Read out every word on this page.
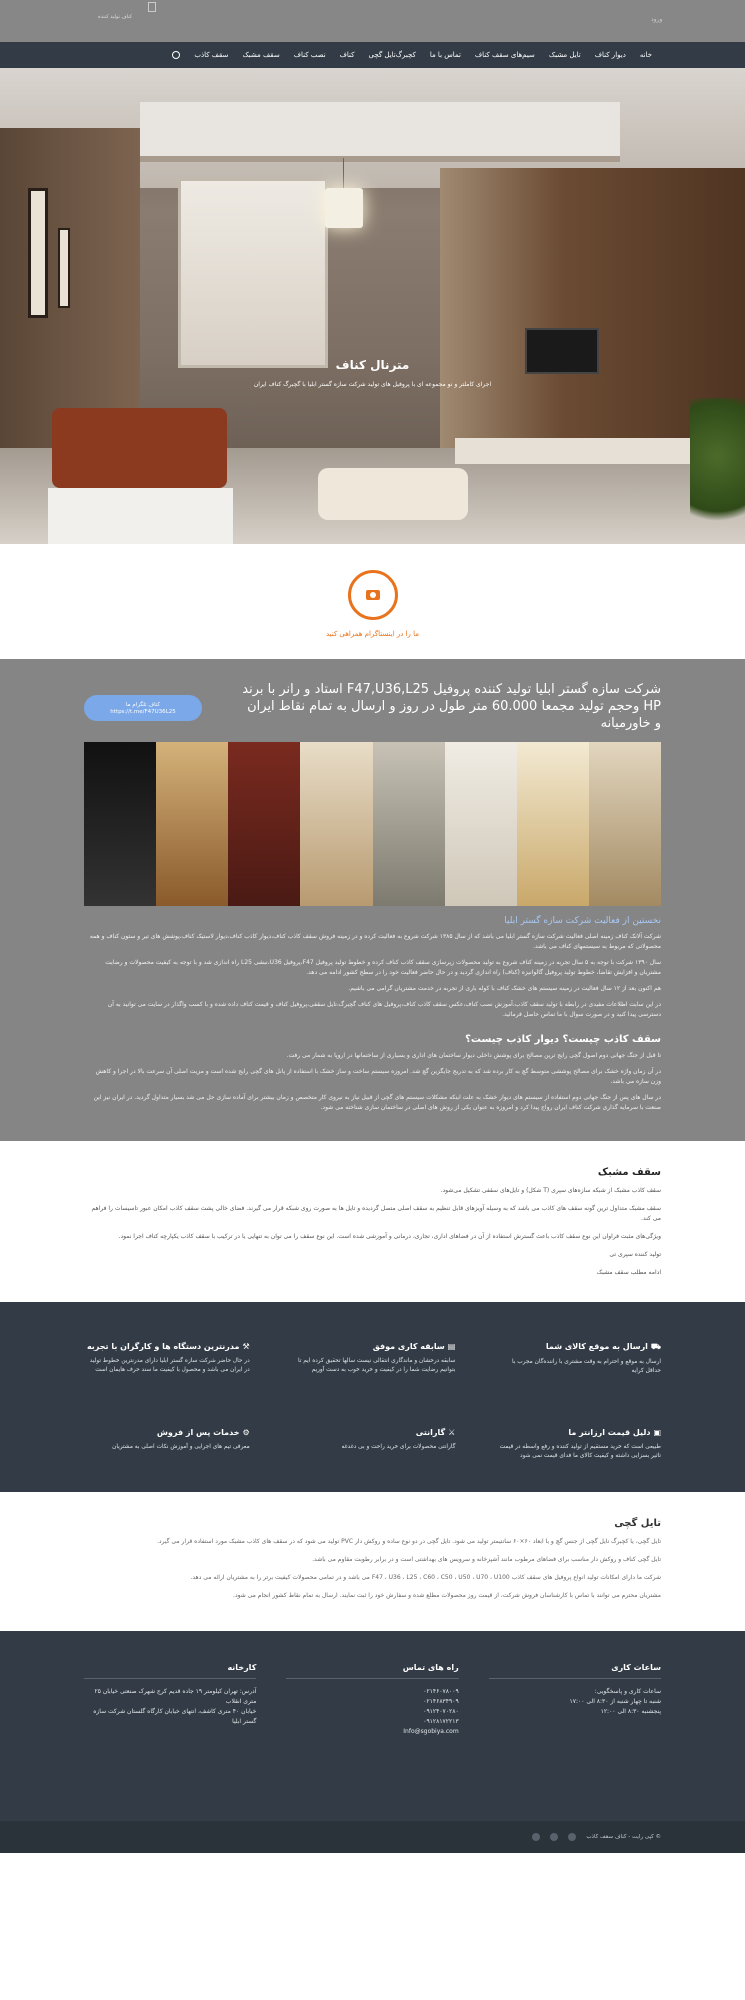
کناف تولید کننده	ورود
خانه
دیوار کناف
تایل مشبک
سیم‌های سقف کناف
تماس با ما
کچبرگ‌تایل گچی
کناف
نصب کناف
سقف مشبک
سقف کاذب
مترنال کناف

اجرای کاملتر و نو مجموعه ای با پروفیل های تولید شرکت سازه گستر ابلیا با گچبرگ کناف ایران

ما را در اینستاگرام همراهی کنید
شرکت سازه گستر ابلیا تولید کننده پروفیل F47,U36,L25 استاد و رانر با برند HP وحجم تولید مجمعا 60.000 متر طول در روز و ارسال به تمام نقاط ایران و خاورمیانه
کناف تلگرام ما
https://t.me/F47U36L25
نخستین از فعالیت شرکت سازه گستر ابلیا

شرکت آلانک کناف زمینه اصلی فعالیت شرکت سازه گستر ابلیا می باشد که از سال ۱۳۸۵ شرکت شروع به فعالیت کرده و در زمینه فروش سقف کاذب کناف،دیوار کاذب کناف،دیوار لاستیک کناف،پوشش های تیر و ستون کناف و همه محصولاتی که مربوط به سیستمهای کناف می باشد.

سال ۱۳۹۰ شرکت با توجه به ۵ سال تجربه در زمینه کناف شروع به تولید محصولات زیرسازی سقف کاذب کناف کرده و خطوط تولید پروفیل F47،پروفیل U36،نبشی L25 راه اندازی شد و با توجه به کیفیت محصولات و رضایت مشتریان و افزایش تقاضا، خطوط تولید پروفیل گالوانیزه (کناف) راه اندازی گردید و در حال حاضر فعالیت خود را در سطح کشور ادامه می دهد.

هم اکنون بعد از ۱۲ سال فعالیت در زمینه سیستم های خشک کناف با کوله باری از تجربه در خدمت مشتریان گرامی می باشیم.

در این سایت اطلاعات مفیدی در رابطه با تولید سقف کاذب،آموزش نصب کناف،عکس سقف کاذب کناف،پروفیل های کناف گچبرگ،تایل سقفی،پروفیل کناف و قیمت کناف داده شده و با کسب واگذار در سایت می توانید به آن دسترسی پیدا کنید و در صورت سوال با ما تماس حاصل فرمائید.

سقف کاذب چیست؟ دیوار کاذب چیست؟

تا قبل از جنگ جهانی دوم اصول گچی رایج ترین مصالح برای پوشش داخلی دیوار ساختمان های اداری و بسیاری از ساختمانها در اروپا به شمار می رفت.

در آن زمان واژه خشک برای مصالح پوششی متوسط گچ به کار برده شد که به تدریج جایگزین گچ شد. امروزه سیستم ساخت و ساز خشک با استفاده از پانل های گچی رایج شده است و مزیت اصلی آن سرعت بالا در اجرا و کاهش وزن سازه می باشد.

در سال های پس از جنگ جهانی دوم استفاده از سیستم های دیوار خشک به علت اینکه مشکلات سیستم های گچی از قبیل نیاز به نیروی کار متخصص و زمان بیشتر برای آماده سازی حل می شد بسیار متداول گردید. در ایران نیز این صنعت با سرمایه گذاری شرکت کناف ایران رواج پیدا کرد و امروزه به عنوان یکی از روش های اصلی در ساختمان سازی شناخته می شود.

سقف مشبک

سقف کاذب مشبک از شبکه سازه‌های سپری (T شکل) و تایل‌های سقفی تشکیل می‌شود.

سقف مشبک متداول ترین گونه سقف های کاذب می باشد که به وسیله آویزهای قابل تنظیم به سقف اصلی متصل گردیده و تایل ها به صورت روی شبکه قرار می گیرند. فضای خالی پشت سقف کاذب امکان عبور تاسیسات را فراهم می کند.

ویژگی‌های مثبت فراوان این نوع سقف کاذب باعث گسترش استفاده از آن در فضاهای اداری، تجاری، درمانی و آموزشی شده است. این نوع سقف را می توان به تنهایی یا در ترکیب با سقف کاذب یکپارچه کناف اجرا نمود.

تولید کننده سپری تی

ادامه مطلب سقف مشبک

⛟ارسال به موقع کالای شما

ارسال به موقع و احترام به وقت مشتری با راننده‌گان مجرب با حداقل کرایه

▤سابقه کاری موفق

سابقه درخشان و ماندگاری انتقالی نیست سالها تحقیق کرده ایم تا بتوانیم رضایت شما را در کیفیت و خرید خوب به دست آوریم

⚒مدرنترین دستگاه ها و کارگران با تجربه

در حال حاضر شرکت سازه گستر ابلیا دارای مدرنترین خطوط تولید در ایران می باشد و محصول با کیفیت ما سند حرف هایمان است

▣دلیل قیمت ارزانتر ما

طبیعی است که خرید مستقیم از تولید کننده و رفع واسطه در قیمت تاثیر بسزایی داشته و کیفیت کالای ما فدای قیمت نمی شود

⚔گارانتی

گارانتی محصولات برای خرید راحت و بی دغدغه

⚙خدمات پس از فروش

معرفی تیم های اجرایی و آموزش نکات اصلی به مشتریان

تایل گچی

تایل گچی، یا کچبرگ تایل گچی از جنس گچ و با ابعاد ۶۰×۶۰ سانتیمتر تولید می شود. تایل گچی در دو نوع ساده و روکش دار PVC تولید می شود که در سقف های کاذب مشبک مورد استفاده قرار می گیرد.

تایل گچی کناف و روکش دار مناسب برای فضاهای مرطوب مانند آشپزخانه و سرویس های بهداشتی است و در برابر رطوبت مقاوم می باشد.

شرکت ما دارای امکانات تولید انواع پروفیل های سقف کاذب F47 ، U36 ، L25 ، C60 ، C50 ، U50 ، U70 ، U100 می باشد و در تمامی محصولات کیفیت برتر را به مشتریان ارائه می دهد.

مشتریان محترم می توانند با تماس با کارشناسان فروش شرکت، از قیمت روز محصولات مطلع شده و سفارش خود را ثبت نمایند. ارسال به تمام نقاط کشور انجام می شود.

ساعات کاری

ساعات کاری و پاسخگویی:

شنبه تا چهار شنبه از ۸:۳۰ الی ۱۷:۰۰

پنجشنبه ۸:۳۰ الی ۱۲:۰۰

راه های تماس

۰۲۱۴۶۰۷۸۰۰۹

۰۲۱۴۶۸۳۴۹۰۹

۰۹۱۲۴۰۷۰۲۸۰

۰۹۱۲۸۱۷۲۲۱۳

Info@sgobiya.com

کارخانه

آدرس: تهران کیلومتر ۱۹ جاده قدیم کرج شهرک صنعتی خیابان ۲۵ متری انقلاب

خیابان ۴۰ متری کاشف، انتهای خیابان کارگاه گلستان شرکت سازه گستر ابلیا

© کپی رایت - کناف سقف کاذب
